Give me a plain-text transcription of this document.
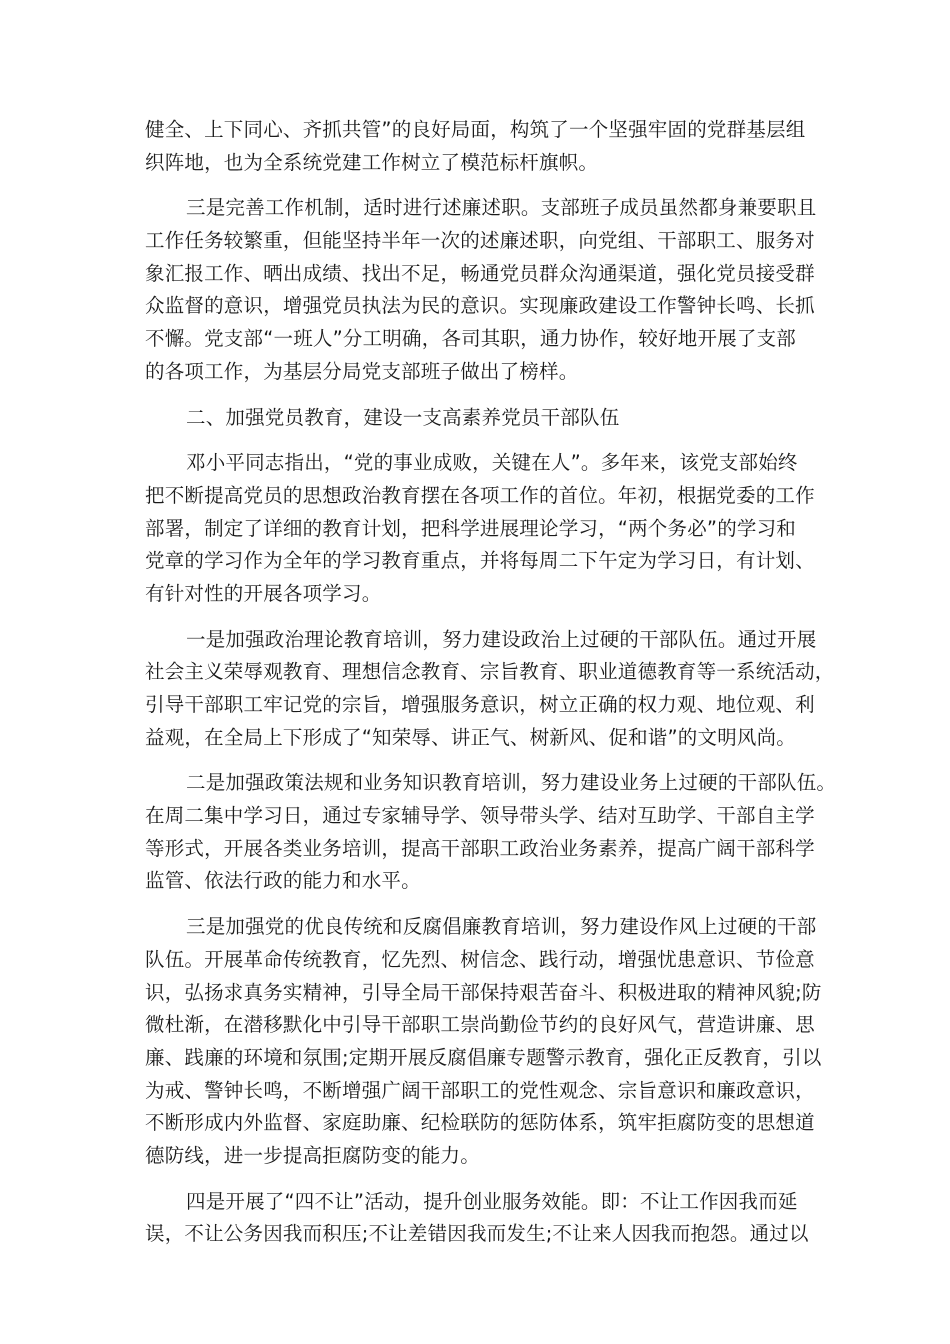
健全、上下同心、齐抓共管”的良好局面，构筑了一个坚强牢固的党群基层组
织阵地，也为全系统党建工作树立了模范标杆旗帜。
三是完善工作机制，适时进行述廉述职。支部班子成员虽然都身兼要职且
工作任务较繁重，但能坚持半年一次的述廉述职，向党组、干部职工、服务对
象汇报工作、晒出成绩、找出不足，畅通党员群众沟通渠道，强化党员接受群
众监督的意识，增强党员执法为民的意识。实现廉政建设工作警钟长鸣、长抓
不懈。党支部“一班人”分工明确，各司其职，通力协作，较好地开展了支部
的各项工作，为基层分局党支部班子做出了榜样。
二、加强党员教育，建设一支高素养党员干部队伍
邓小平同志指出，“党的事业成败，关键在人”。多年来，该党支部始终
把不断提高党员的思想政治教育摆在各项工作的首位。年初，根据党委的工作
部署，制定了详细的教育计划，把科学进展理论学习，“两个务必”的学习和
党章的学习作为全年的学习教育重点，并将每周二下午定为学习日，有计划、
有针对性的开展各项学习。
一是加强政治理论教育培训，努力建设政治上过硬的干部队伍。通过开展
社会主义荣辱观教育、理想信念教育、宗旨教育、职业道德教育等一系统活动，
引导干部职工牢记党的宗旨，增强服务意识，树立正确的权力观、地位观、利
益观，在全局上下形成了“知荣辱、讲正气、树新风、促和谐”的文明风尚。
二是加强政策法规和业务知识教育培训，努力建设业务上过硬的干部队伍。
在周二集中学习日，通过专家辅导学、领导带头学、结对互助学、干部自主学
等形式，开展各类业务培训，提高干部职工政治业务素养，提高广阔干部科学
监管、依法行政的能力和水平。
三是加强党的优良传统和反腐倡廉教育培训，努力建设作风上过硬的干部
队伍。开展革命传统教育，忆先烈、树信念、践行动，增强忧患意识、节俭意
识，弘扬求真务实精神，引导全局干部保持艰苦奋斗、积极进取的精神风貌;防
微杜渐，在潜移默化中引导干部职工崇尚勤俭节约的良好风气，营造讲廉、思
廉、践廉的环境和氛围;定期开展反腐倡廉专题警示教育，强化正反教育，引以
为戒、警钟长鸣，不断增强广阔干部职工的党性观念、宗旨意识和廉政意识，
不断形成内外监督、家庭助廉、纪检联防的惩防体系，筑牢拒腐防变的思想道
德防线，进一步提高拒腐防变的能力。
四是开展了“四不让”活动，提升创业服务效能。即：不让工作因我而延
误，不让公务因我而积压;不让差错因我而发生;不让来人因我而抱怨。通过以
